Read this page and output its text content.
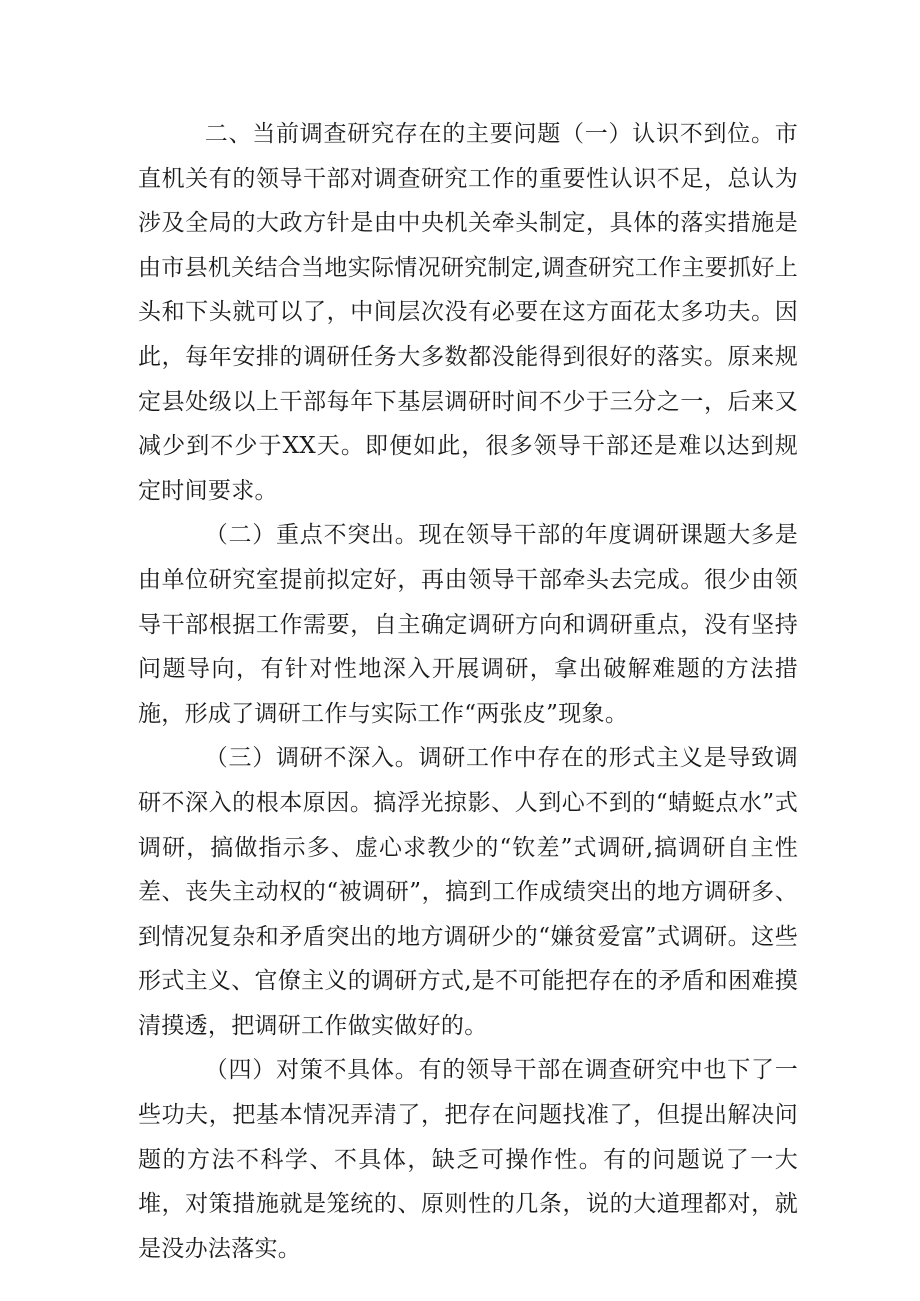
二、当前调查研究存在的主要问题（一）认识不到位。市直机关有的领导干部对调查研究工作的重要性认识不足，总认为涉及全局的大政方针是由中央机关牵头制定，具体的落实措施是由市县机关结合当地实际情况研究制定,调查研究工作主要抓好上头和下头就可以了，中间层次没有必要在这方面花太多功夫。因此，每年安排的调研任务大多数都没能得到很好的落实。原来规定县处级以上干部每年下基层调研时间不少于三分之一，后来又减少到不少于XX天。即便如此，很多领导干部还是难以达到规定时间要求。

（二）重点不突出。现在领导干部的年度调研课题大多是由单位研究室提前拟定好，再由领导干部牵头去完成。很少由领导干部根据工作需要，自主确定调研方向和调研重点，没有坚持问题导向，有针对性地深入开展调研，拿出破解难题的方法措施，形成了调研工作与实际工作“两张皮”现象。

（三）调研不深入。调研工作中存在的形式主义是导致调研不深入的根本原因。搞浮光掠影、人到心不到的“蜻蜓点水”式调研，搞做指示多、虚心求教少的“钦差”式调研,搞调研自主性差、丧失主动权的“被调研”，搞到工作成绩突出的地方调研多、到情况复杂和矛盾突出的地方调研少的“嫌贫爱富”式调研。这些形式主义、官僚主义的调研方式,是不可能把存在的矛盾和困难摸清摸透，把调研工作做实做好的。

（四）对策不具体。有的领导干部在调查研究中也下了一些功夫，把基本情况弄清了，把存在问题找准了，但提出解决问题的方法不科学、不具体，缺乏可操作性。有的问题说了一大堆，对策措施就是笼统的、原则性的几条，说的大道理都对，就是没办法落实。
